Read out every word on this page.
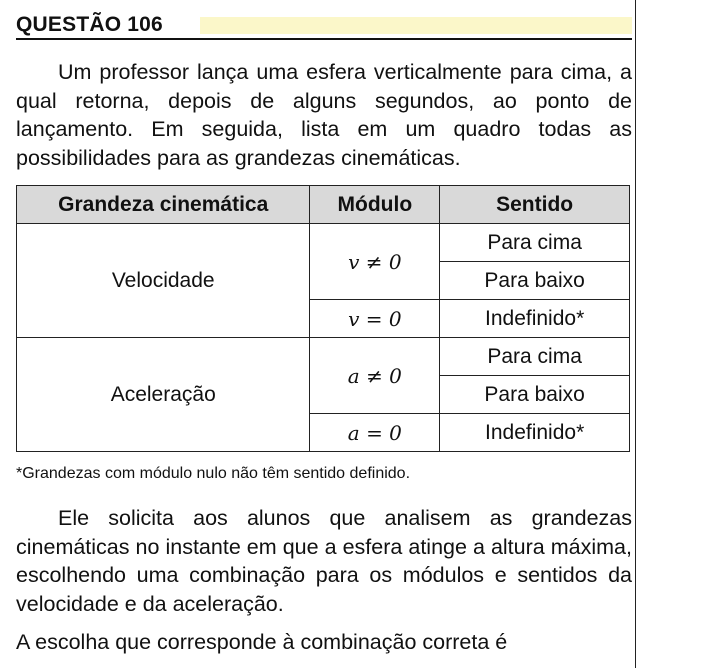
QUESTÃO 106

Um professor lança uma esfera verticalmente para cima, a qual retorna, depois de alguns segundos, ao ponto de lançamento. Em seguida, lista em um quadro todas as possibilidades para as grandezas cinemáticas.

Grandeza cinemática	Módulo	Sentido
Velocidade	v ≠ 0	Para cima
		Para baixo
	v = 0	Indefinido*
Aceleração	a ≠ 0	Para cima
		Para baixo
	a = 0	Indefinido*
*Grandezas com módulo nulo não têm sentido definido.

Ele solicita aos alunos que analisem as grandezas cinemáticas no instante em que a esfera atinge a altura máxima, escolhendo uma combinação para os módulos e sentidos da velocidade e da aceleração.

A escolha que corresponde à combinação correta é
